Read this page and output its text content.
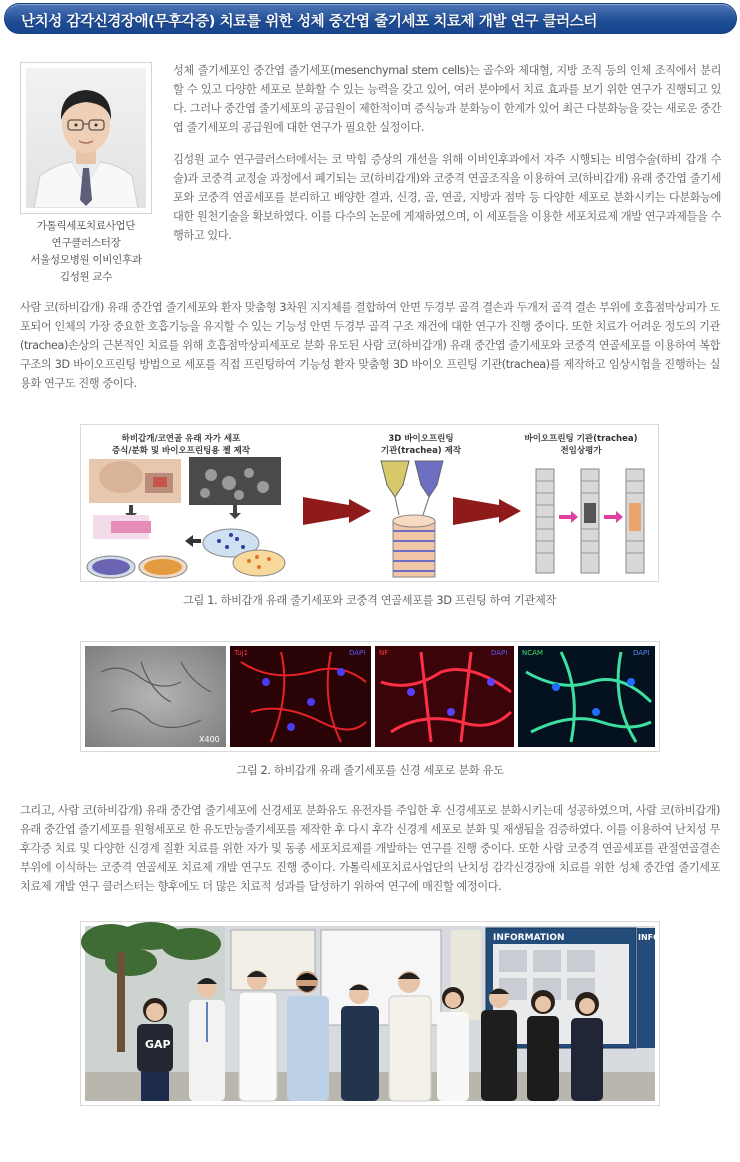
난치성 감각신경장애(무후각증) 치료를 위한 성체 중간엽 줄기세포 치료제 개발 연구 클러스터
가톨릭세포치료사업단
연구클러스터장
서울성모병원 이비인후과
김성원 교수

성체 줄기세포인 중간엽 줄기세포(mesenchymal stem cells)는 골수와 제대혈, 지방 조직 등의 인체 조직에서 분리할 수 있고 다양한 세포로 분화할 수 있는 능력을 갖고 있어, 여러 분야에서 치료 효과를 보기 위한 연구가 진행되고 있다. 그러나 중간엽 줄기세포의 공급원이 제한적이며 증식능과 분화능이 한계가 있어 최근 다분화능을 갖는 새로운 중간엽 줄기세포의 공급원에 대한 연구가 필요한 실정이다.

김성원 교수 연구클러스터에서는 코 막힘 증상의 개선을 위해 이비인후과에서 자주 시행되는 비염수술(하비 갑개 수술)과 코중격 교정술 과정에서 폐기되는 코(하비갑개)와 코중격 연골조직을 이용하여 코(하비갑개) 유래 중간엽 줄기세포와 코중격 연골세포를 분리하고 배양한 결과, 신경, 골, 연골, 지방과 점막 등 다양한 세포로 분화시키는 다분화능에 대한 원천기술을 확보하였다. 이를 다수의 논문에 게재하였으며, 이 세포들을 이용한 세포치료제 개발 연구과제들을 수행하고 있다.

사람 코(하비갑개) 유래 중간엽 줄기세포와 환자 맞춤형 3차원 지지체를 결합하여 안면 두경부 골격 결손과 두개저 골격 결손 부위에 호흡점막상피가 도포되어 인체의 가장 중요한 호흡기능을 유지할 수 있는 기능성 안면 두경부 골격 구조 재건에 대한 연구가 진행 중이다. 또한 치료가 어려운 정도의 기관(trachea)손상의 근본적인 치료를 위해 호흡점막상피세포로 분화 유도된 사람 코(하비갑개) 유래 중간엽 줄기세포와 코중격 연골세포를 이용하여 복합 구조의 3D 바이오프린팅 방법으로 세포를 직접 프린팅하여 기능성 환자 맞춤형 3D 바이오 프린팅 기관(trachea)를 제작하고 임상시험을 진행하는 실용화 연구도 진행 중이다.

하비갑개/코연골 유래 자가 세포
증식/분화 및 바이오프린팅용 젤 제작
3D 바이오프린팅
기관(trachea) 제작
바이오프린팅 기관(trachea)
전임상평가
그림 1. 하비갑개 유래 줄기세포와 코중격 연골세포를 3D 프린팅 하여 기관제작
X400
Tuj1	DAPI NF	DAPI NCAM	DAPI
그림 2. 하비갑개 유래 줄기세포를 신경 세포로 분화 유도

그리고, 사람 코(하비갑개) 유래 중간엽 줄기세포에 신경세포 분화유도 유전자를 주입한 후 신경세포로 분화시키는데 성공하였으며, 사람 코(하비갑개) 유래 중간엽 줄기세포를 원형세포로 한 유도만능줄기세포를 제작한 후 다시 후각 신경계 세포로 분화 및 재생됨을 검증하였다. 이를 이용하여 난치성 무후각증 치료 및 다양한 신경계 질환 치료를 위한 자가 및 동종 세포치료제를 개발하는 연구를 진행 중이다. 또한 사람 코중격 연골세포를 관절연골결손 부위에 이식하는 코중격 연골세포 치료제 개발 연구도 진행 중이다. 가톨릭세포치료사업단의 난치성 감각신경장애 치료를 위한 성체 중간엽 줄기세포 치료제 개발 연구 클러스터는 향후에도 더 많은 치료적 성과를 달성하기 위하여 연구에 매진할 예정이다.

INFORMATION	INFO
GAP
